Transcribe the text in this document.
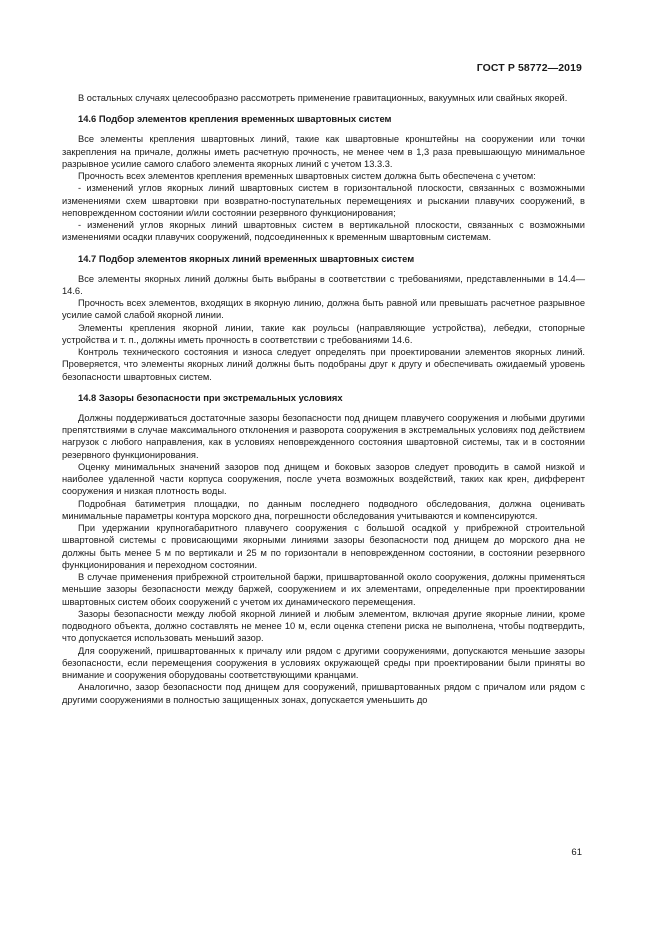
ГОСТ Р 58772—2019

В остальных случаях целесообразно рассмотреть применение гравитационных, вакуумных или свайных якорей.

14.6 Подбор элементов крепления временных швартовных систем

Все элементы крепления швартовных линий, такие как швартовные кронштейны на сооружении или точки закрепления на причале, должны иметь расчетную прочность, не менее чем в 1,3 раза превышающую минимальное разрывное усилие самого слабого элемента якорных линий с учетом 13.3.3.

Прочность всех элементов крепления временных швартовных систем должна быть обеспечена с учетом:

- изменений углов якорных линий швартовных систем в горизонтальной плоскости, связанных с возможными изменениями схем швартовки при возвратно-поступательных перемещениях и рыскании плавучих сооружений, в неповрежденном состоянии и/или состоянии резервного функционирования;

- изменений углов якорных линий швартовных систем в вертикальной плоскости, связанных с возможными изменениями осадки плавучих сооружений, подсоединенных к временным швартовным системам.

14.7 Подбор элементов якорных линий временных швартовных систем

Все элементы якорных линий должны быть выбраны в соответствии с требованиями, представленными в 14.4—14.6.

Прочность всех элементов, входящих в якорную линию, должна быть равной или превышать расчетное разрывное усилие самой слабой якорной линии.

Элементы крепления якорной линии, такие как роульсы (направляющие устройства), лебедки, стопорные устройства и т. п., должны иметь прочность в соответствии с требованиями 14.6.

Контроль технического состояния и износа следует определять при проектировании элементов якорных линий. Проверяется, что элементы якорных линий должны быть подобраны друг к другу и обеспечивать ожидаемый уровень безопасности швартовных систем.

14.8 Зазоры безопасности при экстремальных условиях

Должны поддерживаться достаточные зазоры безопасности под днищем плавучего сооружения и любыми другими препятствиями в случае максимального отклонения и разворота сооружения в экстремальных условиях под действием нагрузок с любого направления, как в условиях неповрежденного состояния швартовной системы, так и в состоянии резервного функционирования.

Оценку минимальных значений зазоров под днищем и боковых зазоров следует проводить в самой низкой и наиболее удаленной части корпуса сооружения, после учета возможных воздействий, таких как крен, дифферент сооружения и низкая плотность воды.

Подробная батиметрия площадки, по данным последнего подводного обследования, должна оценивать минимальные параметры контура морского дна, погрешности обследования учитываются и компенсируются.

При удержании крупногабаритного плавучего сооружения с большой осадкой у прибрежной строительной швартовной системы с провисающими якорными линиями зазоры безопасности под днищем до морского дна не должны быть менее 5 м по вертикали и 25 м по горизонтали в неповрежденном состоянии, в состоянии резервного функционирования и переходном состоянии.

В случае применения прибрежной строительной баржи, пришвартованной около сооружения, должны применяться меньшие зазоры безопасности между баржей, сооружением и их элементами, определенные при проектировании швартовных систем обоих сооружений с учетом их динамического перемещения.

Зазоры безопасности между любой якорной линией и любым элементом, включая другие якорные линии, кроме подводного объекта, должно составлять не менее 10 м, если оценка степени риска не выполнена, чтобы подтвердить, что допускается использовать меньший зазор.

Для сооружений, пришвартованных к причалу или рядом с другими сооружениями, допускаются меньшие зазоры безопасности, если перемещения сооружения в условиях окружающей среды при проектировании были приняты во внимание и сооружения оборудованы соответствующими кранцами.

Аналогично, зазор безопасности под днищем для сооружений, пришвартованных рядом с причалом или рядом с другими сооружениями в полностью защищенных зонах, допускается уменьшить до

61
